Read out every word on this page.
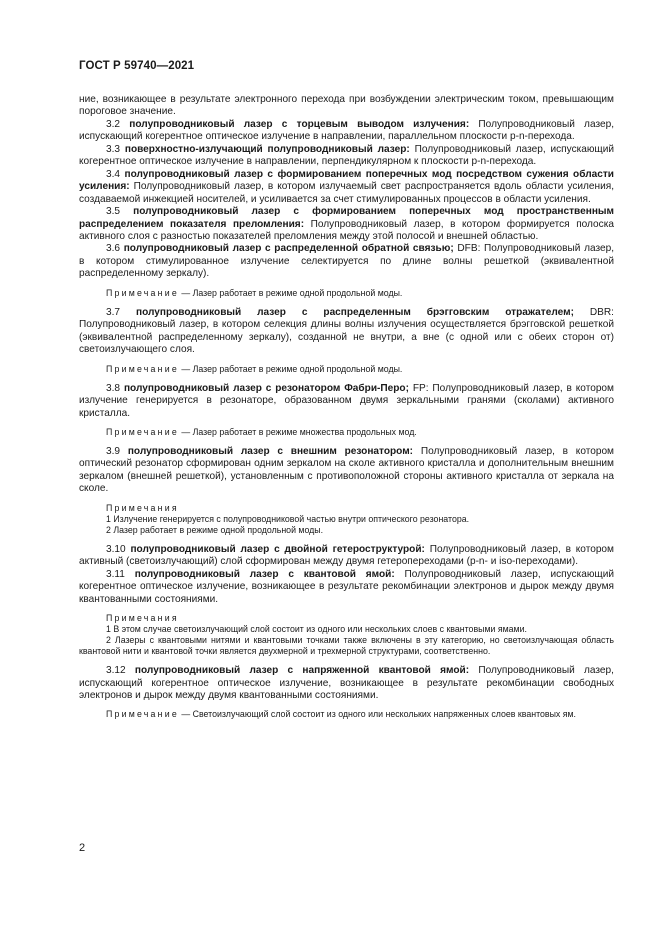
ГОСТ Р 59740—2021

ние, возникающее в результате электронного перехода при возбуждении электрическим током, превышающим пороговое значение.

3.2 полупроводниковый лазер с торцевым выводом излучения: Полупроводниковый лазер, испускающий когерентное оптическое излучение в направлении, параллельном плоскости p-n-перехода.

3.3 поверхностно-излучающий полупроводниковый лазер: Полупроводниковый лазер, испускающий когерентное оптическое излучение в направлении, перпендикулярном к плоскости p-n-перехода.

3.4 полупроводниковый лазер с формированием поперечных мод посредством сужения области усиления: Полупроводниковый лазер, в котором излучаемый свет распространяется вдоль области усиления, создаваемой инжекцией носителей, и усиливается за счет стимулированных процессов в области усиления.

3.5 полупроводниковый лазер с формированием поперечных мод пространственным распределением показателя преломления: Полупроводниковый лазер, в котором формируется полоска активного слоя с разностью показателей преломления между этой полосой и внешней областью.

3.6 полупроводниковый лазер с распределенной обратной связью; DFB: Полупроводниковый лазер, в котором стимулированное излучение селектируется по длине волны решеткой (эквивалентной распределенному зеркалу).

Примечание — Лазер работает в режиме одной продольной моды.

3.7 полупроводниковый лазер с распределенным брэгговским отражателем; DBR: Полупроводниковый лазер, в котором селекция длины волны излучения осуществляется брэгговской решеткой (эквивалентной распределенному зеркалу), созданной не внутри, а вне (с одной или с обеих сторон от) светоизлучающего слоя.

Примечание — Лазер работает в режиме одной продольной моды.

3.8 полупроводниковый лазер с резонатором Фабри-Перо; FP: Полупроводниковый лазер, в котором излучение генерируется в резонаторе, образованном двумя зеркальными гранями (сколами) активного кристалла.

Примечание — Лазер работает в режиме множества продольных мод.

3.9 полупроводниковый лазер с внешним резонатором: Полупроводниковый лазер, в котором оптический резонатор сформирован одним зеркалом на сколе активного кристалла и дополнительным внешним зеркалом (внешней решеткой), установленным с противоположной стороны активного кристалла от зеркала на сколе.

Примечания

1 Излучение генерируется с полупроводниковой частью внутри оптического резонатора.

2 Лазер работает в режиме одной продольной моды.

3.10 полупроводниковый лазер с двойной гетероструктурой: Полупроводниковый лазер, в котором активный (светоизлучающий) слой сформирован между двумя гетеропереходами (p-n- и iso-переходами).

3.11 полупроводниковый лазер с квантовой ямой: Полупроводниковый лазер, испускающий когерентное оптическое излучение, возникающее в результате рекомбинации электронов и дырок между двумя квантованными состояниями.

Примечания

1 В этом случае светоизлучающий слой состоит из одного или нескольких слоев с квантовыми ямами.

2 Лазеры с квантовыми нитями и квантовыми точками также включены в эту категорию, но светоизлучающая область квантовой нити и квантовой точки является двухмерной и трехмерной структурами, соответственно.

3.12 полупроводниковый лазер с напряженной квантовой ямой: Полупроводниковый лазер, испускающий когерентное оптическое излучение, возникающее в результате рекомбинации свободных электронов и дырок между двумя квантованными состояниями.

Примечание — Светоизлучающий слой состоит из одного или нескольких напряженных слоев квантовых ям.

2
